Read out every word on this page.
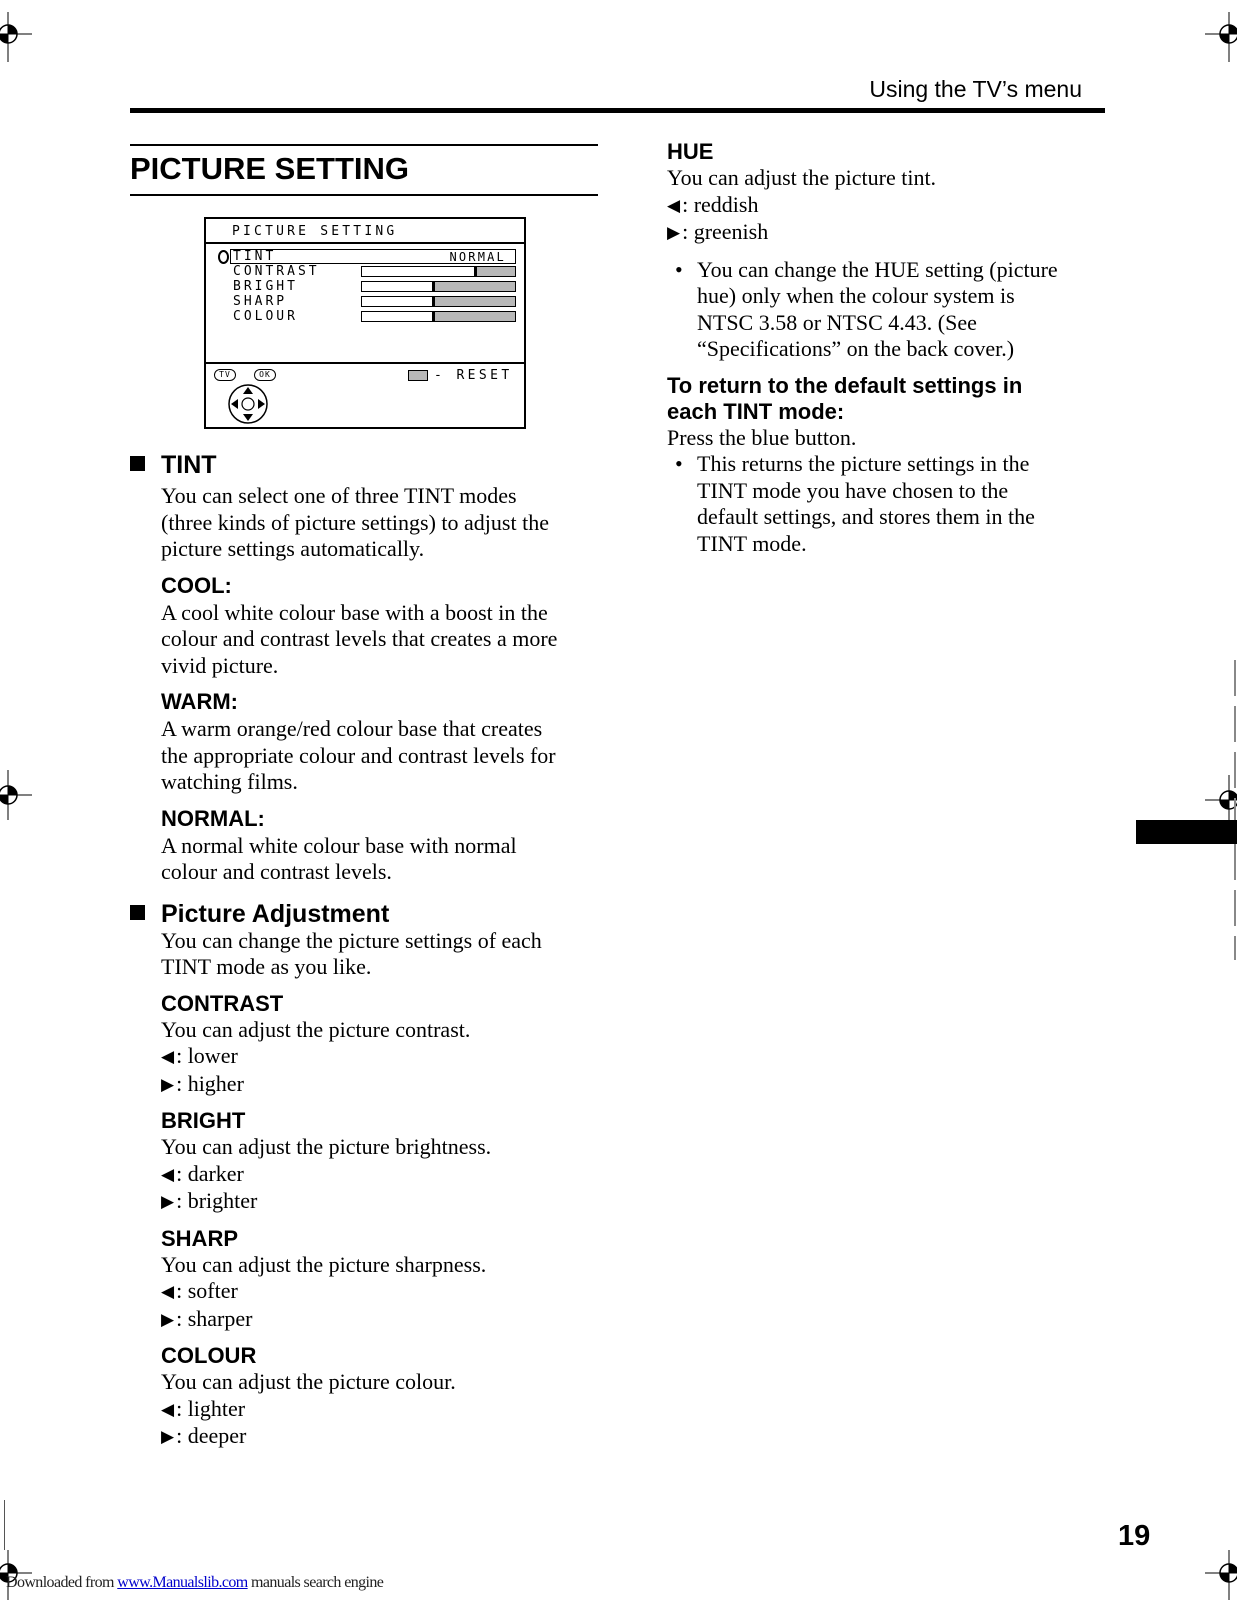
Using the TV’s menu
PICTURE SETTING
PICTURE SETTING
TINT	NORMAL
CONTRAST
BRIGHT
SHARP
COLOUR
TV	OK	- RESET
TINT
You can select one of three TINT modes
(three kinds of picture settings) to adjust the
picture settings automatically.
COOL:
A cool white colour base with a boost in the
colour and contrast levels that creates a more
vivid picture.
WARM:
A warm orange/red colour base that creates
the appropriate colour and contrast levels for
watching films.
NORMAL:
A normal white colour base with normal
colour and contrast levels.
Picture Adjustment
You can change the picture settings of each
TINT mode as you like.
CONTRAST
You can adjust the picture contrast.
◀: lower
▶: higher
BRIGHT
You can adjust the picture brightness.
◀: darker
▶: brighter
SHARP
You can adjust the picture sharpness.
◀: softer
▶: sharper
COLOUR
You can adjust the picture colour.
◀: lighter
▶: deeper
HUE
You can adjust the picture tint.
◀: reddish
▶: greenish
• You can change the HUE setting (picture
hue) only when the colour system is
NTSC 3.58 or NTSC 4.43. (See
“Specifications” on the back cover.)
To return to the default settings in
each TINT mode:
Press the blue button.
• This returns the picture settings in the
TINT mode you have chosen to the
default settings, and stores them in the
TINT mode.
19
Downloaded from www.Manualslib.com manuals search engine
